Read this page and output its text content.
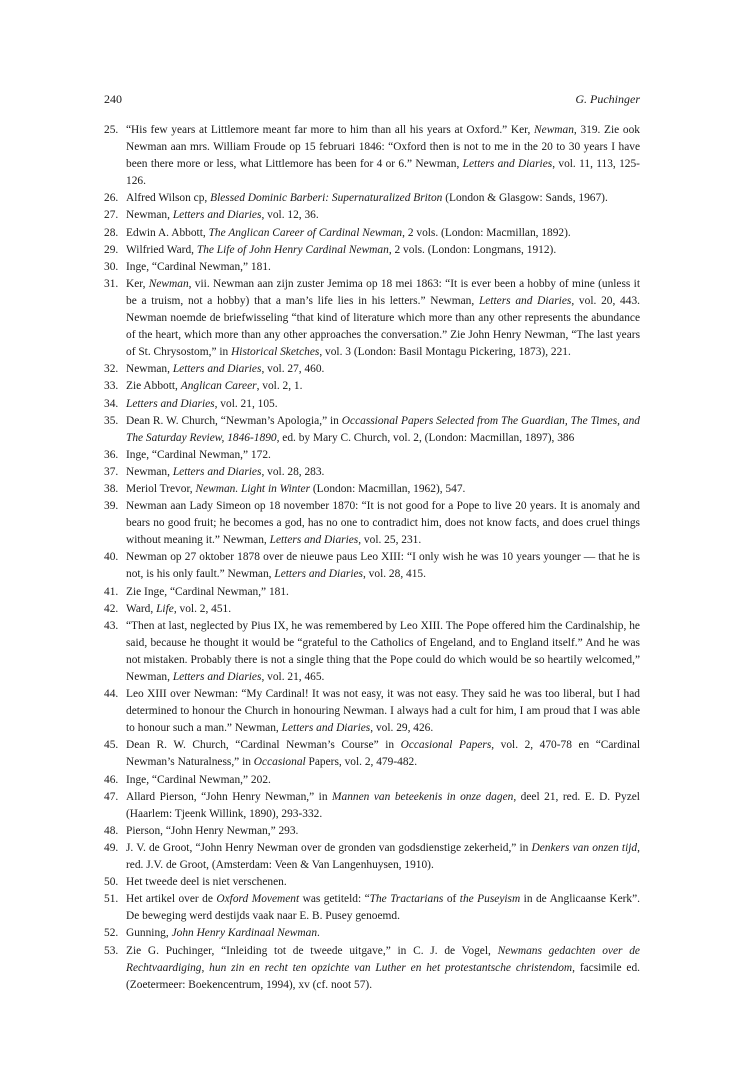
240	G. Puchinger
25. “His few years at Littlemore meant far more to him than all his years at Oxford.” Ker, Newman, 319. Zie ook Newman aan mrs. William Froude op 15 februari 1846: “Oxford then is not to me in the 20 to 30 years I have been there more or less, what Littlemore has been for 4 or 6.” Newman, Letters and Diaries, vol. 11, 113, 125-126.
26. Alfred Wilson cp, Blessed Dominic Barberi: Supernaturalized Briton (London & Glasgow: Sands, 1967).
27. Newman, Letters and Diaries, vol. 12, 36.
28. Edwin A. Abbott, The Anglican Career of Cardinal Newman, 2 vols. (London: Macmillan, 1892).
29. Wilfried Ward, The Life of John Henry Cardinal Newman, 2 vols. (London: Longmans, 1912).
30. Inge, “Cardinal Newman,” 181.
31. Ker, Newman, vii. Newman aan zijn zuster Jemima op 18 mei 1863: “It is ever been a hobby of mine (unless it be a truism, not a hobby) that a man’s life lies in his letters.” Newman, Letters and Diaries, vol. 20, 443. Newman noemde de briefwisseling “that kind of literature which more than any other represents the abundance of the heart, which more than any other approaches the conversation.” Zie John Henry Newman, “The last years of St. Chrysostom,” in Historical Sketches, vol. 3 (London: Basil Montagu Pickering, 1873), 221.
32. Newman, Letters and Diaries, vol. 27, 460.
33. Zie Abbott, Anglican Career, vol. 2, 1.
34. Letters and Diaries, vol. 21, 105.
35. Dean R. W. Church, “Newman’s Apologia,” in Occassional Papers Selected from The Guardian, The Times, and The Saturday Review, 1846-1890, ed. by Mary C. Church, vol. 2, (London: Macmillan, 1897), 386
36. Inge, “Cardinal Newman,” 172.
37. Newman, Letters and Diaries, vol. 28, 283.
38. Meriol Trevor, Newman. Light in Winter (London: Macmillan, 1962), 547.
39. Newman aan Lady Simeon op 18 november 1870: “It is not good for a Pope to live 20 years. It is anomaly and bears no good fruit; he becomes a god, has no one to contradict him, does not know facts, and does cruel things without meaning it.” Newman, Letters and Diaries, vol. 25, 231.
40. Newman op 27 oktober 1878 over de nieuwe paus Leo XIII: “I only wish he was 10 years younger — that he is not, is his only fault.” Newman, Letters and Diaries, vol. 28, 415.
41. Zie Inge, “Cardinal Newman,” 181.
42. Ward, Life, vol. 2, 451.
43. “Then at last, neglected by Pius IX, he was remembered by Leo XIII. The Pope offered him the Cardinalship, he said, because he thought it would be “grateful to the Catholics of Engeland, and to England itself.” And he was not mistaken. Probably there is not a single thing that the Pope could do which would be so heartily welcomed,” Newman, Letters and Diaries, vol. 21, 465.
44. Leo XIII over Newman: “My Cardinal! It was not easy, it was not easy. They said he was too liberal, but I had determined to honour the Church in honouring Newman. I always had a cult for him, I am proud that I was able to honour such a man.” Newman, Letters and Diaries, vol. 29, 426.
45. Dean R. W. Church, “Cardinal Newman’s Course” in Occasional Papers, vol. 2, 470-78 en “Cardinal Newman’s Naturalness,” in Occasional Papers, vol. 2, 479-482.
46. Inge, “Cardinal Newman,” 202.
47. Allard Pierson, “John Henry Newman,” in Mannen van beteekenis in onze dagen, deel 21, red. E. D. Pyzel (Haarlem: Tjeenk Willink, 1890), 293-332.
48. Pierson, “John Henry Newman,” 293.
49. J. V. de Groot, “John Henry Newman over de gronden van godsdienstige zekerheid,” in Denkers van onzen tijd, red. J.V. de Groot, (Amsterdam: Veen & Van Langenhuysen, 1910).
50. Het tweede deel is niet verschenen.
51. Het artikel over de Oxford Movement was getiteld: “The Tractarians of the Puseyism in de Anglicaanse Kerk”. De beweging werd destijds vaak naar E. B. Pusey genoemd.
52. Gunning, John Henry Kardinaal Newman.
53. Zie G. Puchinger, “Inleiding tot de tweede uitgave,” in C. J. de Vogel, Newmans gedachten over de Rechtvaardiging, hun zin en recht ten opzichte van Luther en het protestantsche christendom, facsimile ed. (Zoetermeer: Boekencentrum, 1994), xv (cf. noot 57).
